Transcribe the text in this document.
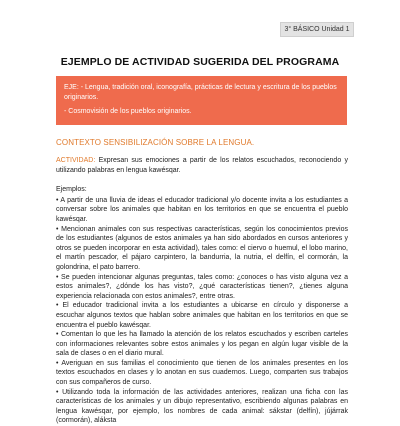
3° BÁSICO Unidad 1
EJEMPLO DE ACTIVIDAD SUGERIDA DEL PROGRAMA

EJE: - Lengua, tradición oral, iconografía, prácticas de lectura y escritura de los pueblos

originarios.

- Cosmovisión de los pueblos originarios.

CONTEXTO SENSIBILIZACIÓN SOBRE LA LENGUA.

ACTIVIDAD: Expresan sus emociones a partir de los relatos escuchados, reconociendo y utilizando palabras en lengua kawésqar.

Ejemplos:

• A partir de una lluvia de ideas el educador tradicional y/o docente invita a los estudiantes a conversar sobre los animales que habitan en los territorios en que se encuentra el pueblo kawésqar.

• Mencionan animales con sus respectivas características, según los conocimientos previos de los estudiantes (algunos de estos animales ya han sido abordados en cursos anteriores y otros se pueden incorporar en esta actividad), tales como: el ciervo o huemul, el lobo marino, el martín pescador, el pájaro carpintero, la bandurria, la nutria, el delfín, el cormorán, la golondrina, el pato barrero.

• Se pueden intencionar algunas preguntas, tales como: ¿conoces o has visto alguna vez a estos animales?, ¿dónde los has visto?, ¿qué características tienen?, ¿tienes alguna experiencia relacionada con estos animales?, entre otras.

• El educador tradicional invita a los estudiantes a ubicarse en círculo y disponerse a escuchar algunos textos que hablan sobre animales que habitan en los territorios en que se encuentra el pueblo kawésqar.

• Comentan lo que les ha llamado la atención de los relatos escuchados y escriben carteles con informaciones relevantes sobre estos animales y los pegan en algún lugar visible de la sala de clases o en el diario mural.

• Averiguan en sus familias el conocimiento que tienen de los animales presentes en los textos escuchados en clases y lo anotan en sus cuadernos. Luego, comparten sus trabajos con sus compañeros de curso.

• Utilizando toda la información de las actividades anteriores, realizan una ficha con las características de los animales y un dibujo representativo, escribiendo algunas palabras en lengua kawésqar, por ejemplo, los nombres de cada animal: sákstar (delfín), jújárrak (cormorán), aláksta
